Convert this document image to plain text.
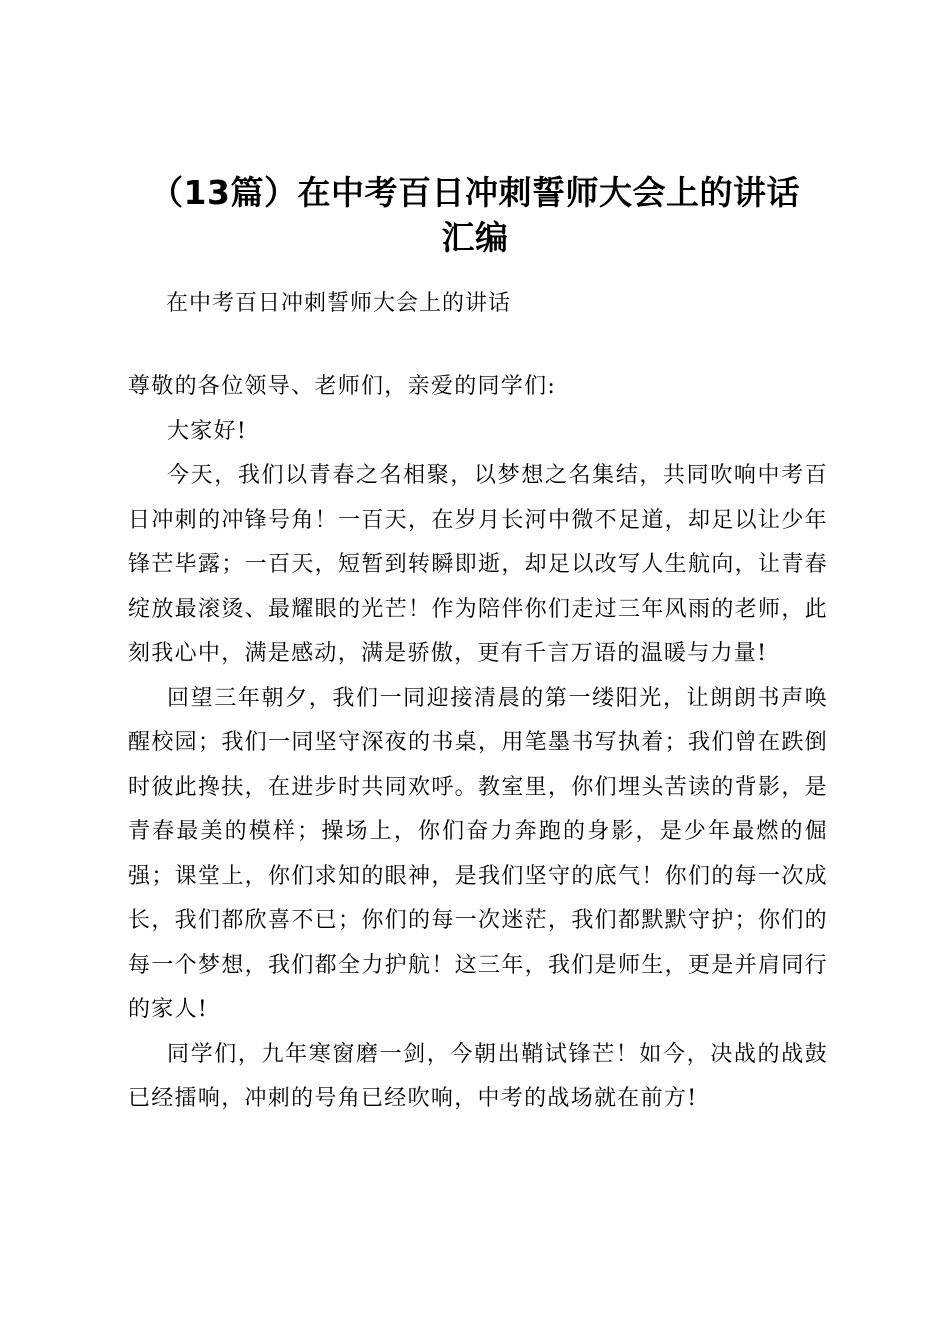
（13篇）在中考百日冲刺誓师大会上的讲话
汇编
在中考百日冲刺誓师大会上的讲话

尊敬的各位领导、老师们，亲爱的同学们:

大家好!

今天，我们以青春之名相聚，以梦想之名集结，共同吹响中考百日冲刺的冲锋号角！一百天，在岁月长河中微不足道，却足以让少年锋芒毕露；一百天，短暂到转瞬即逝，却足以改写人生航向，让青春绽放最滚烫、最耀眼的光芒！作为陪伴你们走过三年风雨的老师，此刻我心中，满是感动，满是骄傲，更有千言万语的温暖与力量!

回望三年朝夕，我们一同迎接清晨的第一缕阳光，让朗朗书声唤醒校园；我们一同坚守深夜的书桌，用笔墨书写执着；我们曾在跌倒时彼此搀扶，在进步时共同欢呼。教室里，你们埋头苦读的背影，是青春最美的模样；操场上，你们奋力奔跑的身影，是少年最燃的倔强；课堂上，你们求知的眼神，是我们坚守的底气！你们的每一次成长，我们都欣喜不已；你们的每一次迷茫，我们都默默守护；你们的每一个梦想，我们都全力护航！这三年，我们是师生，更是并肩同行的家人!

同学们，九年寒窗磨一剑，今朝出鞘试锋芒！如今，决战的战鼓已经擂响，冲刺的号角已经吹响，中考的战场就在前方!
